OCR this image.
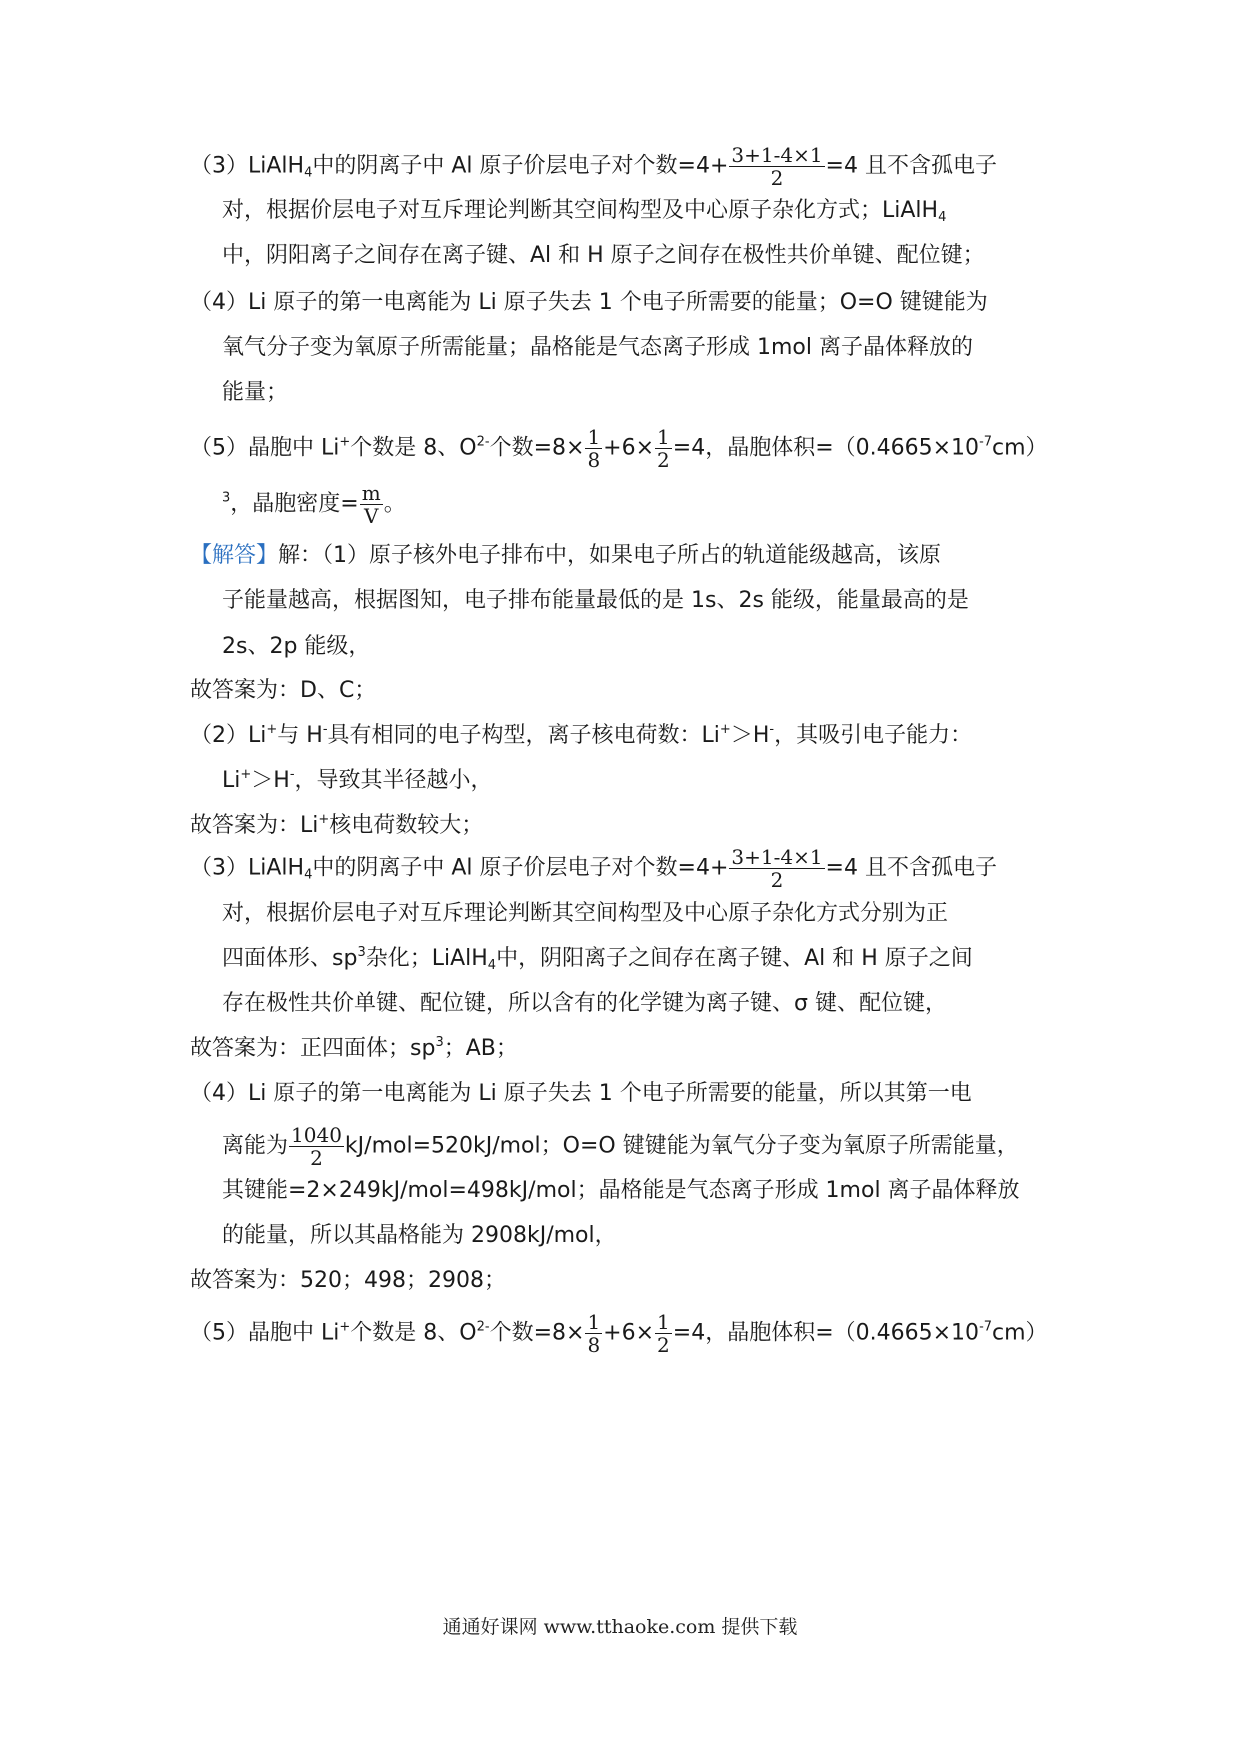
（3）LiAlH$_4$中的阴离子中 Al 原子价层电子对个数$=4+ \frac{3+1-4\times 1}{2} =4$ 且不含孤电子
对，根据价层电子对互斥理论判断其空间构型及中心原子杂化方式；LiAlH$_4$
中，阴阳离子之间存在离子键、Al 和 H 原子之间存在极性共价单键、配位键；
（4）Li 原子的第一电离能为 Li 原子失去 1 个电子所需要的能量；O=O 键键能为
氧气分子变为氧原子所需能量；晶格能是气态离子形成 1mol 离子晶体释放的
能量；
（5）晶胞中 Li+个数是 8、$O^{2-}$个数$=8\times \frac{1}{8} +6\times \frac{1}{2} =4$，晶胞体积$=(0.4665\times 10^{-7}cm)$
$^3$，晶胞密度= $\frac{m}{V}$ 。
【解答】解：（1）原子核外电子排布中，如果电子所占的轨道能级越高，该原
子能量越高，根据图知，电子排布能量最低的是 1s、2s 能级，能量最高的是
2s、2p 能级，
故答案为：D、C；
（2）Li+与 H-具有相同的电子构型，离子核电荷数：Li+＞H-，其吸引电子能力：
Li+＞H-，导致其半径越小，
故答案为：Li+核电荷数较大；
（3）LiAlH$_4$中的阴离子中 Al 原子价层电子对个数$=4+ \frac{3+1-4\times 1}{2} =4$ 且不含孤电子
对，根据价层电子对互斥理论判断其空间构型及中心原子杂化方式分别为正
四面体形、$sp^3$杂化；LiAlH$_4$中，阴阳离子之间存在离子键、Al 和 H 原子之间
存在极性共价单键、配位键，所以含有的化学键为离子键、σ 键、配位键，
故答案为：正四面体；$sp^3$；AB；
（4）Li 原子的第一电离能为 Li 原子失去 1 个电子所需要的能量，所以其第一电
离能为 $\frac{1040}{2} kJ/mol=520kJ/mol$；O=O 键键能为氧气分子变为氧原子所需能量，
其键能=2×249kJ/mol=498kJ/mol；晶格能是气态离子形成 1mol 离子晶体释放
的能量，所以其晶格能为 2908kJ/mol，
故答案为：520；498；2908；
（5）晶胞中 Li+个数是 8、$O^{2-}$个数$=8\times \frac{1}{8} +6\times \frac{1}{2} =4$，晶胞体积$=(0.4665\times 10^{-7}cm)$
通通好课网 www.tthaoke.com 提供下载
